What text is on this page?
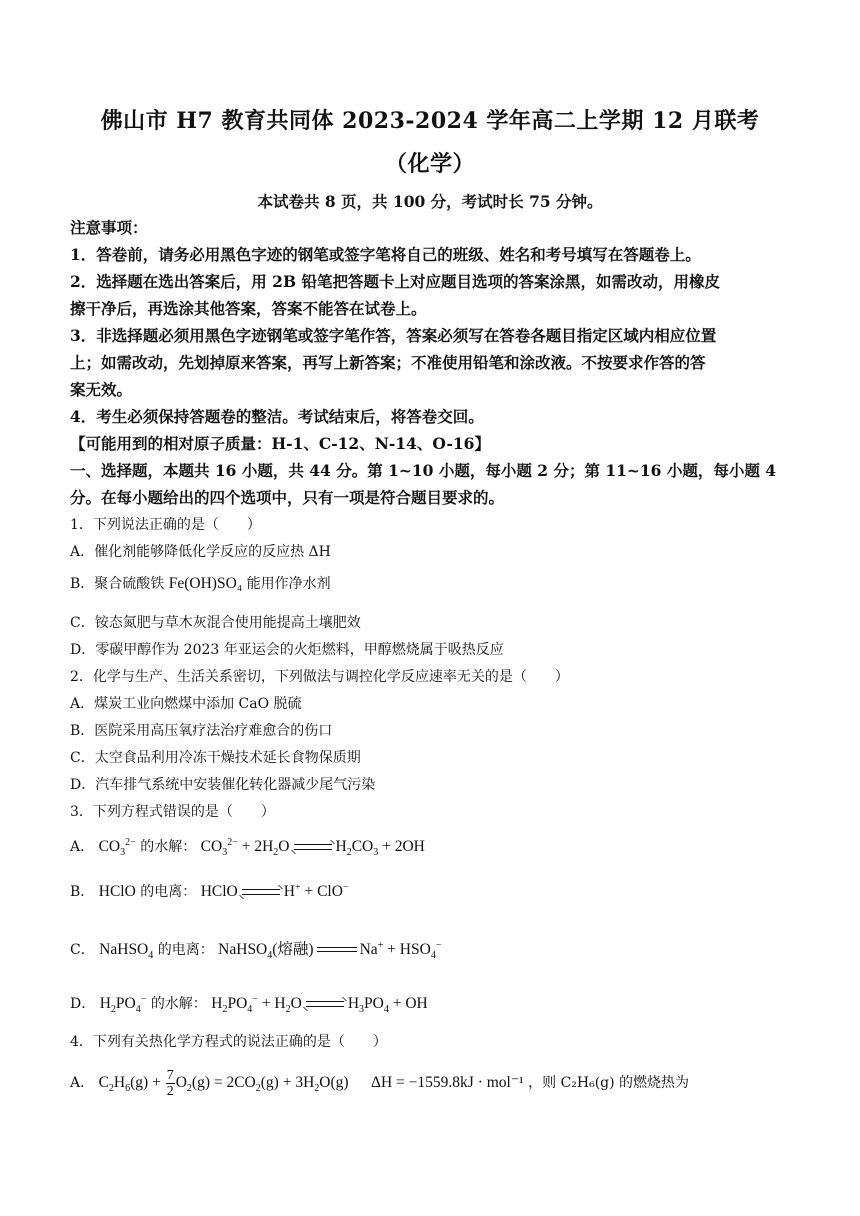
佛山市 H7 教育共同体 2023-2024 学年高二上学期 12 月联考
（化学）
本试卷共 8 页，共 100 分，考试时长 75 分钟。
注意事项：
1．答卷前，请务必用黑色字迹的钢笔或签字笔将自己的班级、姓名和考号填写在答题卷上。
2．选择题在选出答案后，用 2B 铅笔把答题卡上对应题目选项的答案涂黑，如需改动，用橡皮
擦干净后，再选涂其他答案，答案不能答在试卷上。
3．非选择题必须用黑色字迹钢笔或签字笔作答，答案必须写在答卷各题目指定区域内相应位置
上；如需改动，先划掉原来答案，再写上新答案；不准使用铅笔和涂改液。不按要求作答的答
案无效。
4．考生必须保持答题卷的整洁。考试结束后，将答卷交回。
【可能用到的相对原子质量：H-1、C-12、N-14、O-16】
一、选择题，本题共 16 小题，共 44 分。第 1~10 小题，每小题 2 分；第 11~16 小题，每小题 4
分。在每小题给出的四个选项中，只有一项是符合题目要求的。
1．下列说法正确的是（　　）
A．催化剂能够降低化学反应的反应热 ΔH
B．聚合硫酸铁 Fe(OH)SO₄ 能用作净水剂
C．铵态氮肥与草木灰混合使用能提高土壤肥效
D．零碳甲醇作为 2023 年亚运会的火炬燃料，甲醇燃烧属于吸热反应
2．化学与生产、生活关系密切，下列做法与调控化学反应速率无关的是（　　）
A．煤炭工业向燃煤中添加 CaO 脱硫
B．医院采用高压氧疗法治疗难愈合的伤口
C．太空食品利用冷冻干燥技术延长食物保质期
D．汽车排气系统中安装催化转化器减少尾气污染
3．下列方程式错误的是（　　）
A． $CO_3^{2-}$ 的水解： $CO_3^{2-} + 2H_2O$	$H_2CO_3 + 2OH$
B． HClO 的电离： HClO	H+ + ClO−
C． NaHSO$_4$ 的电离： NaHSO$_4$(熔融)	$Na^+ + HSO_4^-$
D． $H_2PO_4^-$ 的水解： $H_2PO_4^- + H_2O$	$H_3PO_4$ + OH
4．下列有关热化学方程式的说法正确的是（　　）
A． $C_2H_6(g) + \frac{7}{2} O_2(g) = 2CO_2(g) + 3H_2O(g) \Delta H = -1559.8kJ \cdot mol^{-1}$ ，则 C₂H₆(g) 的燃烧热为
